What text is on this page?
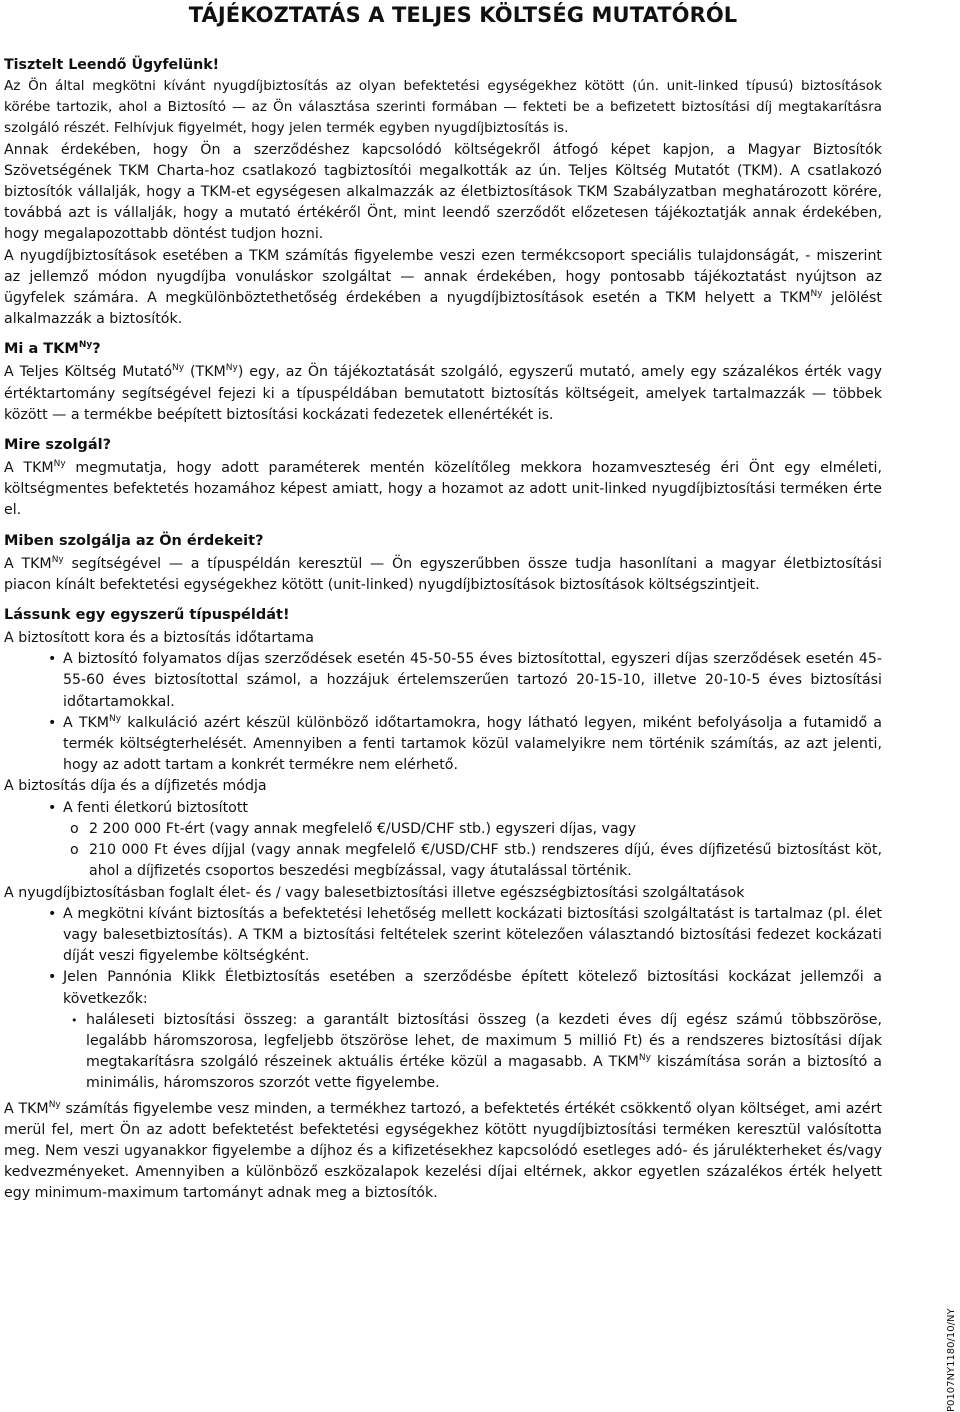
TÁJÉKOZTATÁS A TELJES KÖLTSÉG MUTATÓRÓL
Tisztelt Leendő Ügyfelünk!

Az Ön által megkötni kívánt nyugdíjbiztosítás az olyan befektetési egységekhez kötött (ún. unit-linked típusú) biztosítások körébe tartozik, ahol a Biztosító — az Ön választása szerinti formában — fekteti be a befizetett biztosítási díj megtakarításra szolgáló részét. Felhívjuk figyelmét, hogy jelen termék egyben nyugdíjbiztosítás is.

Annak érdekében, hogy Ön a szerződéshez kapcsolódó költségekről átfogó képet kapjon, a Magyar Biztosítók Szövetségének TKM Charta-hoz csatlakozó tagbiztosítói megalkották az ún. Teljes Költség Mutatót (TKM). A csatlakozó biztosítók vállalják, hogy a TKM-et egységesen alkalmazzák az életbiztosítások TKM Szabályzatban meghatározott körére, továbbá azt is vállalják, hogy a mutató értékéről Önt, mint leendő szerződőt előzetesen tájékoztatják annak érdekében, hogy megalapozottabb döntést tudjon hozni.

A nyugdíjbiztosítások esetében a TKM számítás figyelembe veszi ezen termékcsoport speciális tulajdonságát, - miszerint az jellemző módon nyugdíjba vonuláskor szolgáltat — annak érdekében, hogy pontosabb tájékoztatást nyújtson az ügyfelek számára. A megkülönböztethetőség érdekében a nyugdíjbiztosítások esetén a TKM helyett a $TKM^{Ny}$ jelölést alkalmazzák a biztosítók.

Mi a $TKM^{Ny}$?

A Teljes Költség Mutató$^{Ny}$ $(TKM^{Ny})$ egy, az Ön tájékoztatását szolgáló, egyszerű mutató, amely egy százalékos érték vagy értéktartomány segítségével fejezi ki a típuspéldában bemutatott biztosítás költségeit, amelyek tartalmazzák — többek között — a termékbe beépített biztosítási kockázati fedezetek ellenértékét is.

Mire szolgál?

A $TKM^{Ny}$ megmutatja, hogy adott paraméterek mentén közelítőleg mekkora hozamveszteség éri Önt egy elméleti, költségmentes befektetés hozamához képest amiatt, hogy a hozamot az adott unit-linked nyugdíjbiztosítási terméken érte el.

Miben szolgálja az Ön érdekeit?

A $TKM^{Ny}$ segítségével — a típuspéldán keresztül — Ön egyszerűbben össze tudja hasonlítani a magyar életbiztosítási piacon kínált befektetési egységekhez kötött (unit-linked) nyugdíjbiztosítások biztosítások költségszintjeit.

Lássunk egy egyszerű típuspéldát!
A biztosított kora és a biztosítás időtartama
• A biztosító folyamatos díjas szerződések esetén 45-50-55 éves biztosítottal, egyszeri díjas szerződések esetén 45-55-60 éves biztosítottal számol, a hozzájuk értelemszerűen tartozó 20-15-10, illetve 20-10-5 éves biztosítási időtartamokkal.
• A $TKM^{Ny}$ kalkuláció azért készül különböző időtartamokra, hogy látható legyen, miként befolyásolja a futamidő a termék költségterhelését. Amennyiben a fenti tartamok közül valamelyikre nem történik számítás, az azt jelenti, hogy az adott tartam a konkrét termékre nem elérhető.
A biztosítás díja és a díjfizetés módja
• A fenti életkorú biztosított
o 2 200 000 Ft-ért (vagy annak megfelelő €/USD/CHF stb.) egyszeri díjas, vagy
o 210 000 Ft éves díjjal (vagy annak megfelelő €/USD/CHF stb.) rendszeres díjú, éves díjfizetésű biztosítást köt, ahol a díjfizetés csoportos beszedési megbízással, vagy átutalással történik.
A nyugdíjbiztosításban foglalt élet- és / vagy balesetbiztosítási illetve egészségbiztosítási szolgáltatások
• A megkötni kívánt biztosítás a befektetési lehetőség mellett kockázati biztosítási szolgáltatást is tartalmaz (pl. élet vagy balesetbiztosítás). A TKM a biztosítási feltételek szerint kötelezően választandó biztosítási fedezet kockázati díját veszi figyelembe költségként.
• Jelen Pannónia Klikk Életbiztosítás esetében a szerződésbe épített kötelező biztosítási kockázat jellemzői a következők:
• haláleseti biztosítási összeg: a garantált biztosítási összeg (a kezdeti éves díj egész számú többszöröse, legalább háromszorosa, legfeljebb ötszöröse lehet, de maximum 5 millió Ft) és a rendszeres biztosítási díjak megtakarításra szolgáló részeinek aktuális értéke közül a magasabb. A $TKM^{Ny}$ kiszámítása során a biztosító a minimális, háromszoros szorzót vette figyelembe.

A $TKM^{Ny}$ számítás figyelembe vesz minden, a termékhez tartozó, a befektetés értékét csökkentő olyan költséget, ami azért merül fel, mert Ön az adott befektetést befektetési egységekhez kötött nyugdíjbiztosítási terméken keresztül valósította meg. Nem veszi ugyanakkor figyelembe a díjhoz és a kifizetésekhez kapcsolódó esetleges adó- és járulékterheket és/vagy kedvezményeket. Amennyiben a különböző eszközalapok kezelési díjai eltérnek, akkor egyetlen százalékos érték helyett egy minimum-maximum tartományt adnak meg a biztosítók.

P0107NY1180/10/NY
